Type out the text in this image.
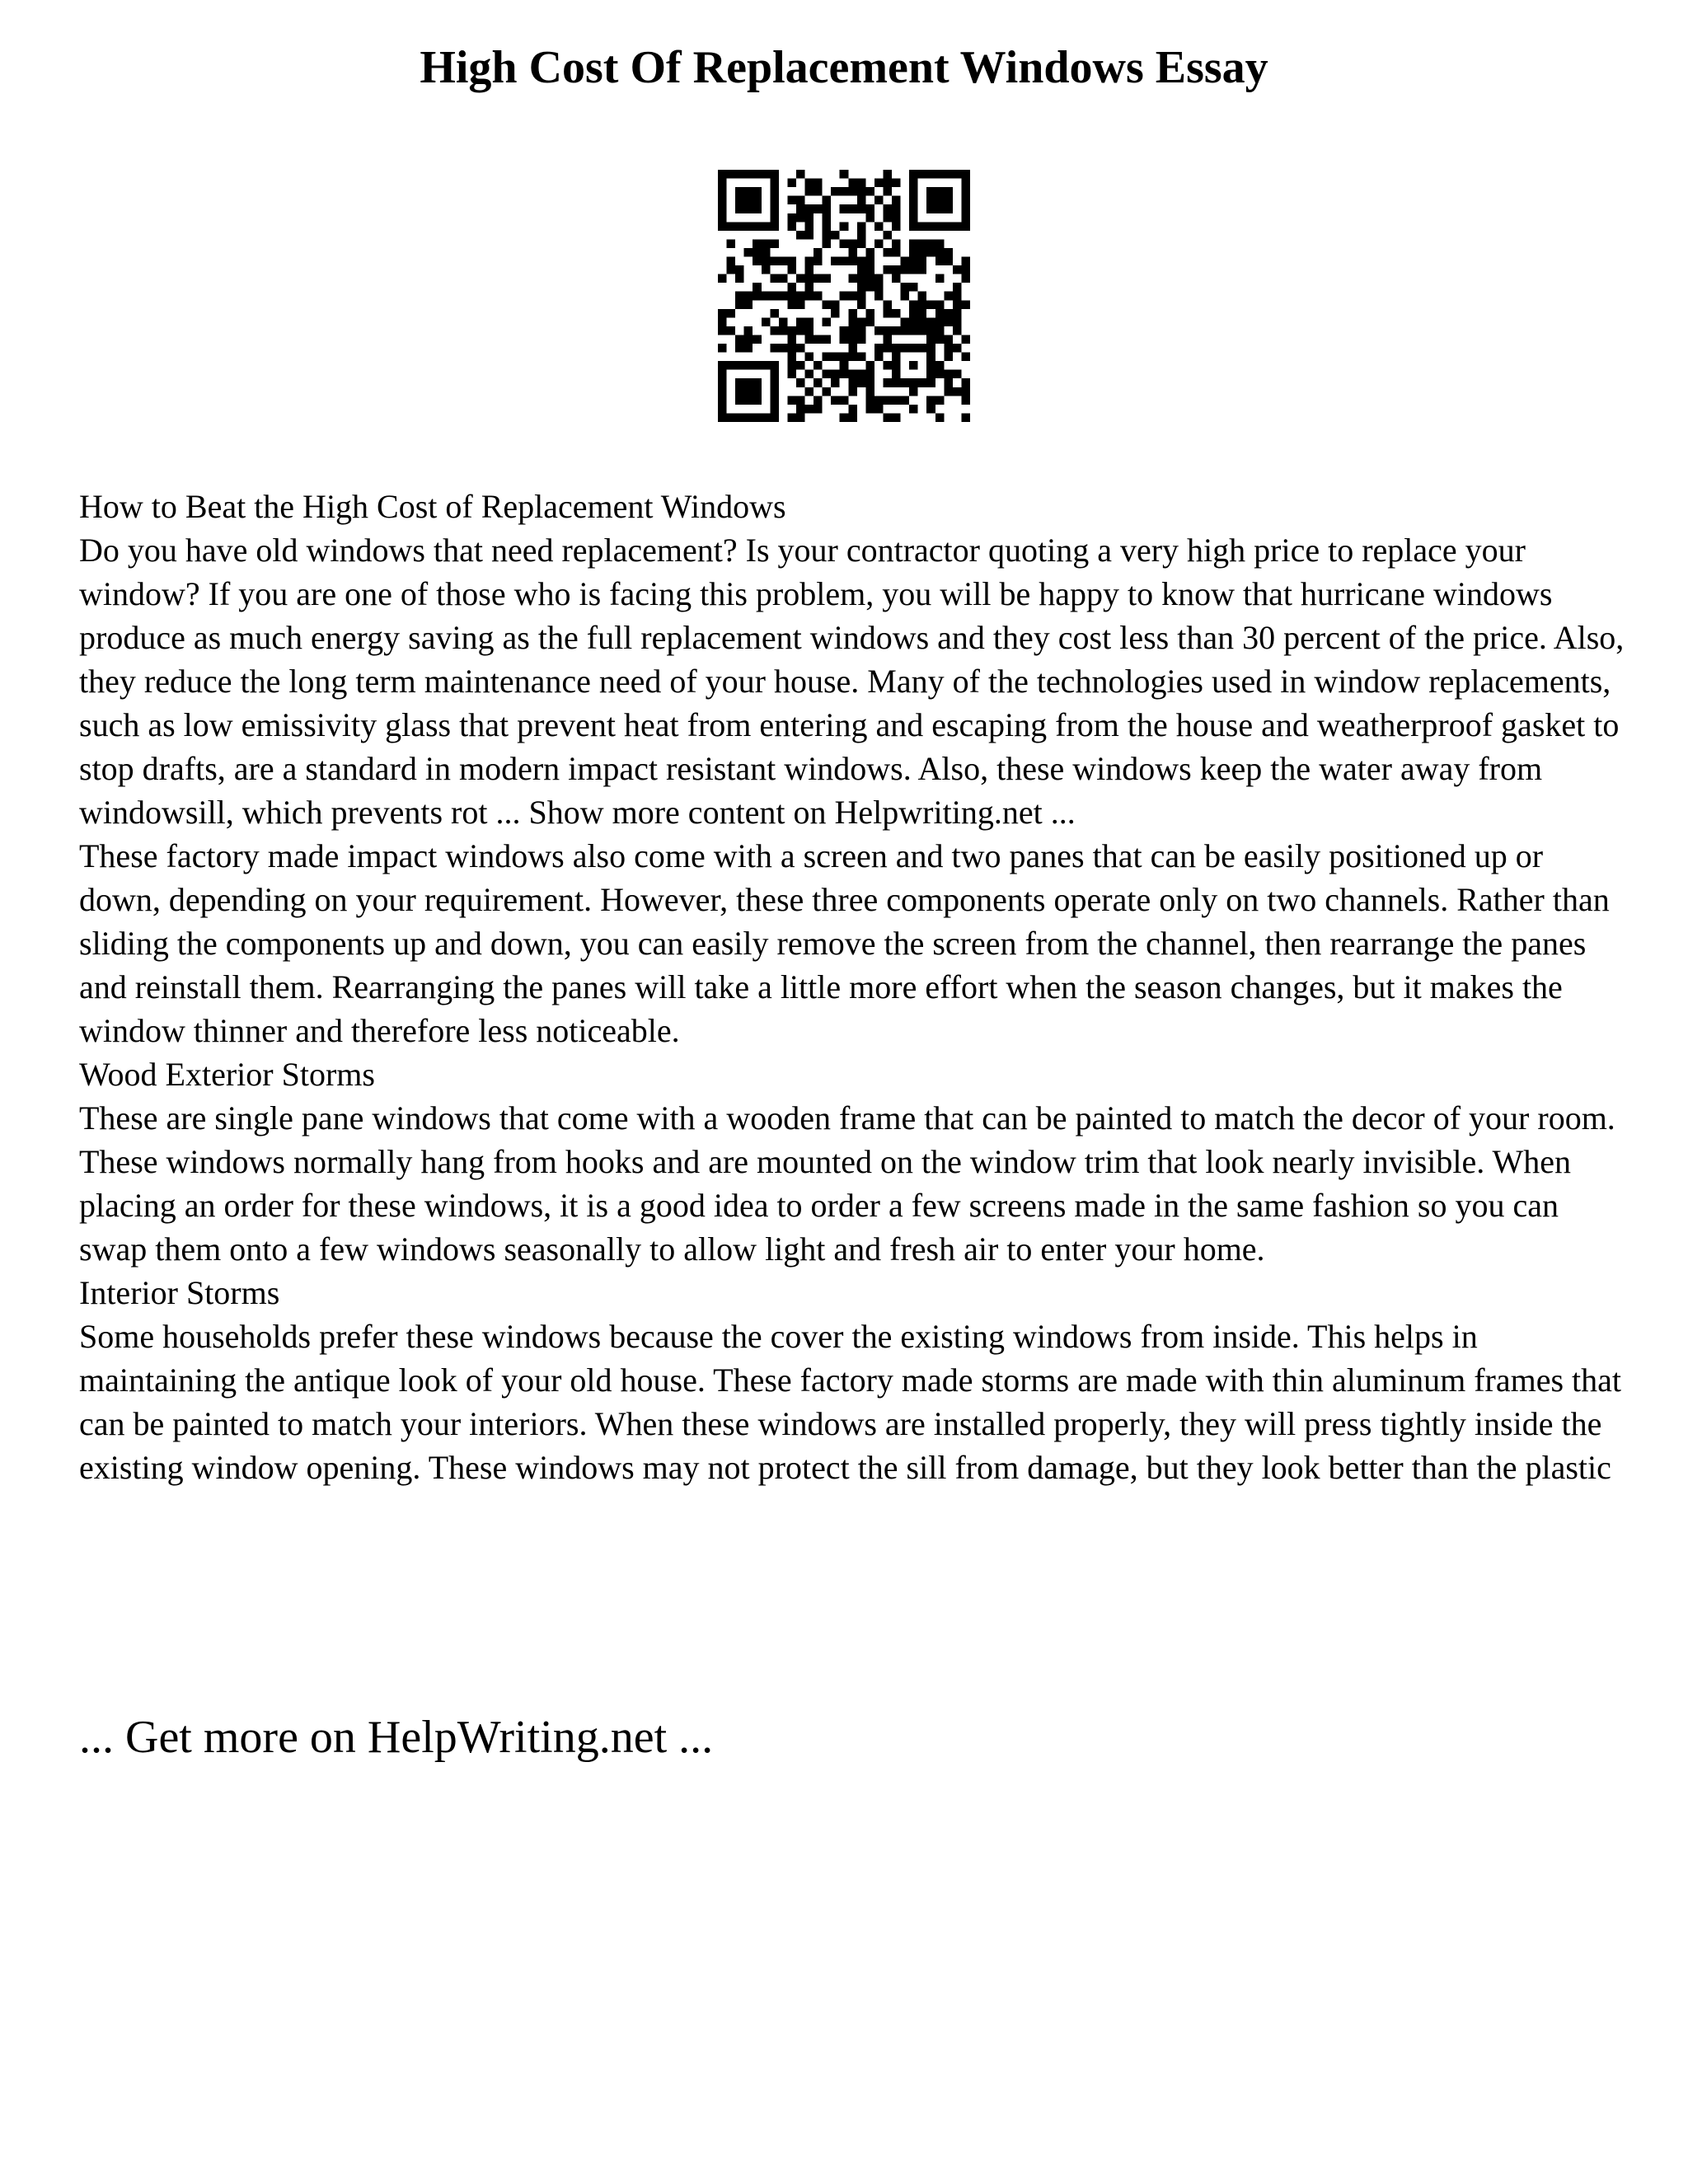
High Cost Of Replacement Windows Essay

How to Beat the High Cost of Replacement Windows

Do you have old windows that need replacement? Is your contractor quoting a very high price to replace your window? If you are one of those who is facing this problem, you will be happy to know that hurricane windows produce as much energy saving as the full replacement windows and they cost less than 30 percent of the price. Also, they reduce the long term maintenance need of your house. Many of the technologies used in window replacements, such as low emissivity glass that prevent heat from entering and escaping from the house and weatherproof gasket to stop drafts, are a standard in modern impact resistant windows. Also, these windows keep the water away from windowsill, which prevents rot ... Show more content on Helpwriting.net ...

These factory made impact windows also come with a screen and two panes that can be easily positioned up or down, depending on your requirement. However, these three components operate only on two channels. Rather than sliding the components up and down, you can easily remove the screen from the channel, then rearrange the panes and reinstall them. Rearranging the panes will take a little more effort when the season changes, but it makes the window thinner and therefore less noticeable.

Wood Exterior Storms

These are single pane windows that come with a wooden frame that can be painted to match the decor of your room. These windows normally hang from hooks and are mounted on the window trim that look nearly invisible. When placing an order for these windows, it is a good idea to order a few screens made in the same fashion so you can swap them onto a few windows seasonally to allow light and fresh air to enter your home.

Interior Storms

Some households prefer these windows because the cover the existing windows from inside. This helps in maintaining the antique look of your old house. These factory made storms are made with thin aluminum frames that can be painted to match your interiors. When these windows are installed properly, they will press tightly inside the existing window opening. These windows may not protect the sill from damage, but they look better than the plastic

... Get more on HelpWriting.net ...
